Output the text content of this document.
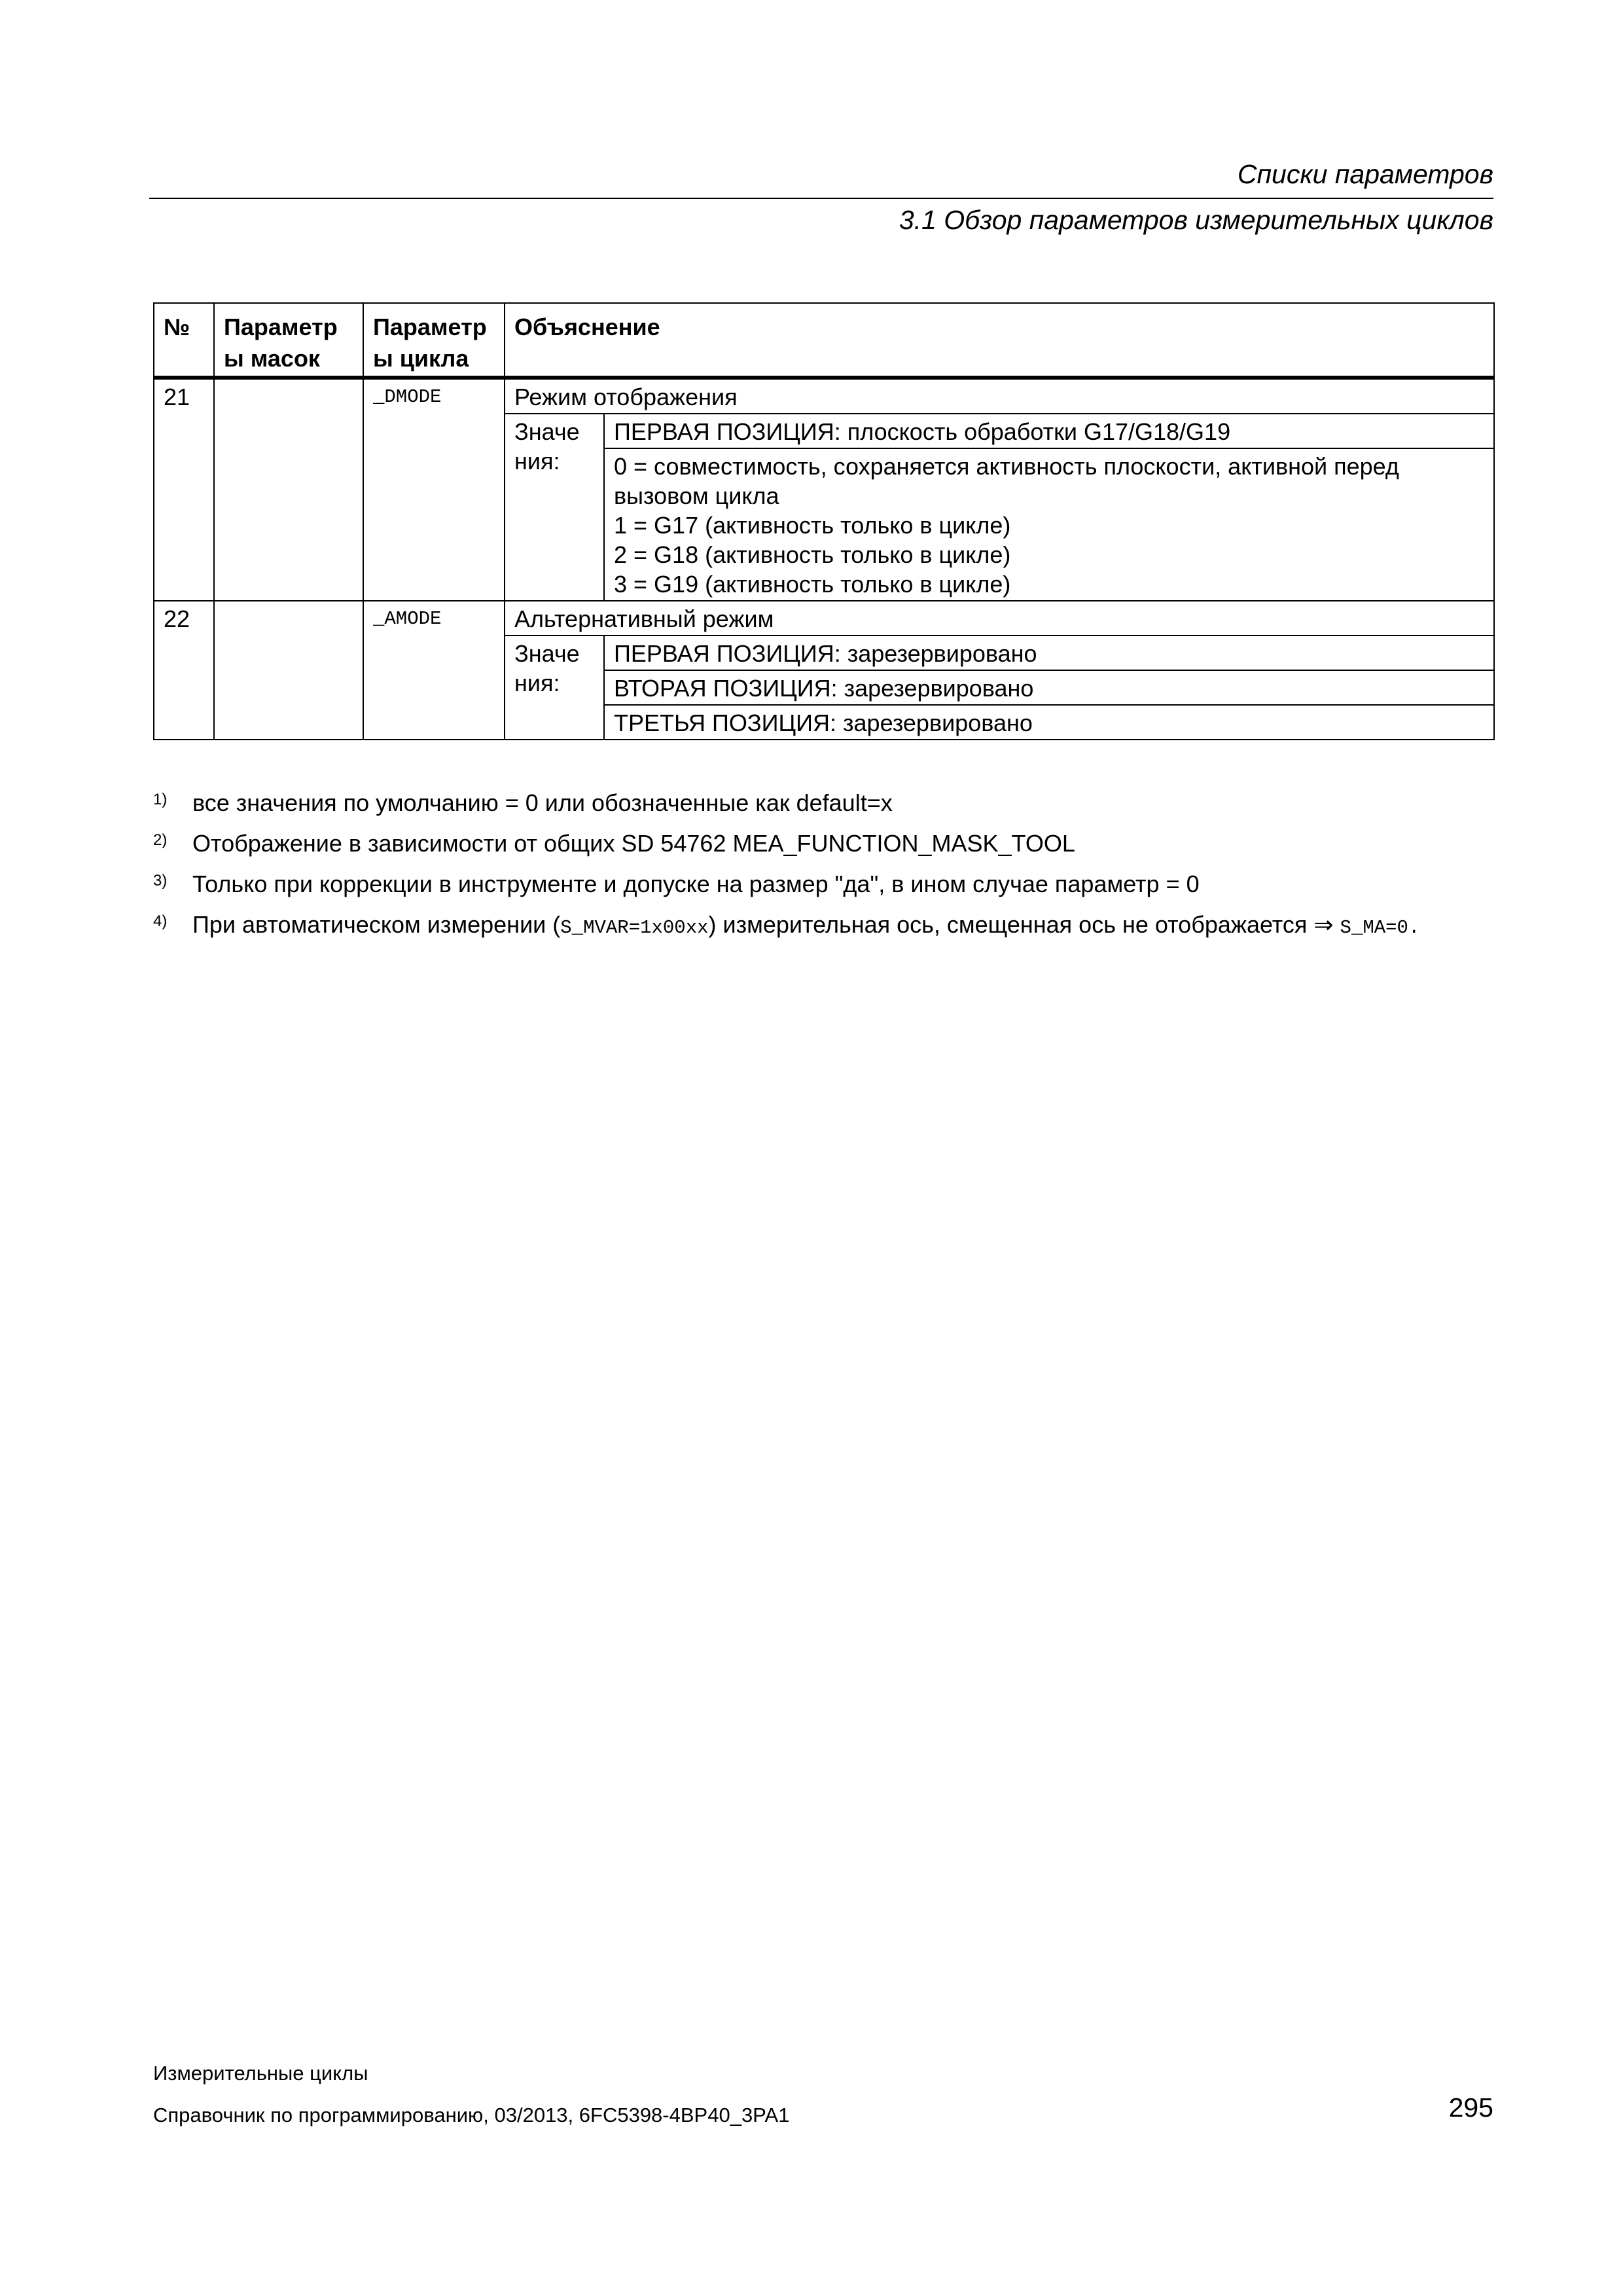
Списки параметров
3.1 Обзор параметров измерительных циклов
№	Параметр ы масок	Параметр ы цикла	Объяснение	
21		_DMODE	Режим отображения	
			Значе ния:	ПЕРВАЯ ПОЗИЦИЯ: плоскость обработки G17/G18/G19

				0 = совместимость, сохраняется активность плоскости, активной перед вызовом цикла
1 = G17 (активность только в цикле)
2 = G18 (активность только в цикле)
3 = G19 (активность только в цикле)

22		_AMODE	Альтернативный режим	
			Значе ния:	ПЕРВАЯ ПОЗИЦИЯ: зарезервировано
				ВТОРАЯ ПОЗИЦИЯ: зарезервировано
				ТРЕТЬЯ ПОЗИЦИЯ: зарезервировано
1) все значения по умолчанию = 0 или обозначенные как default=x
2) Отображение в зависимости от общих SD 54762 MEA_FUNCTION_MASK_TOOL
3) Только при коррекции в инструменте и допуске на размер "да", в ином случае параметр = 0
4) При автоматическом измерении (S_MVAR=1x00xx) измерительная ось, смещенная ось не отображается ⇒ S_MA=0.
Измерительные циклы
Справочник по программированию, 03/2013, 6FC5398-4BP40_3PA1	295
